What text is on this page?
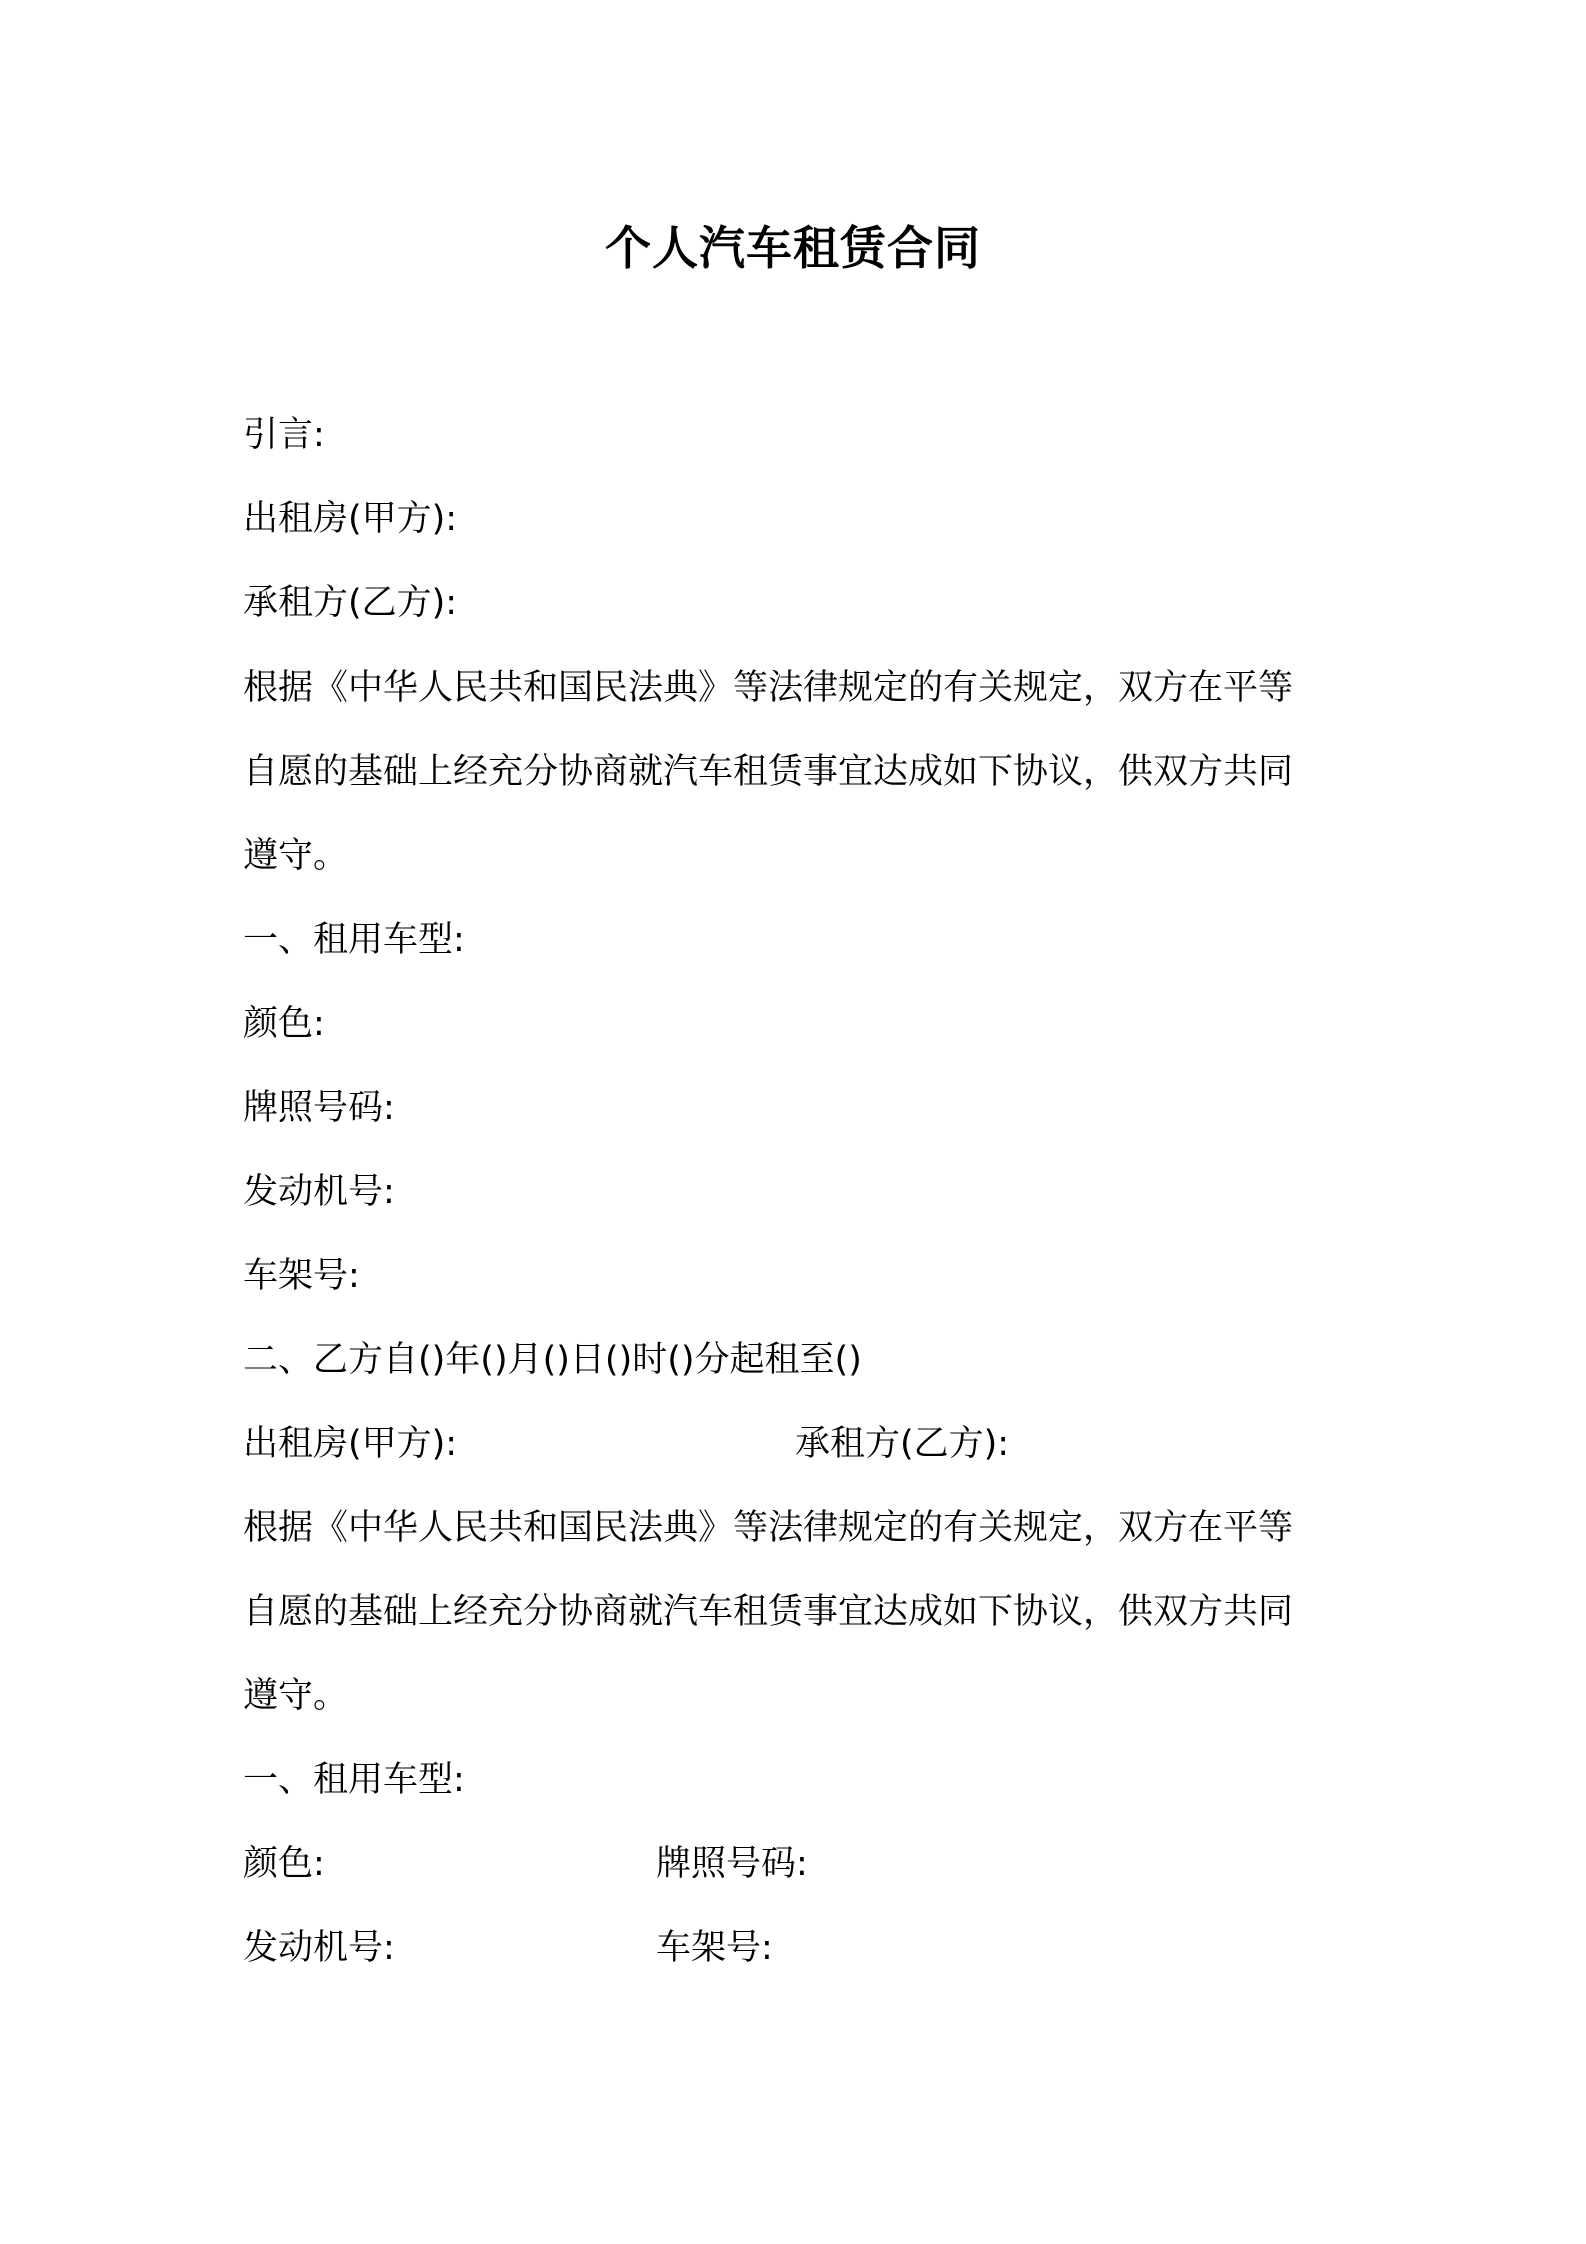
个人汽车租赁合同
引言:
出租房(甲方):
承租方(乙方):
根据《中华人民共和国民法典》等法律规定的有关规定，双方在平等
自愿的基础上经充分协商就汽车租赁事宜达成如下协议，供双方共同
遵守。
一、租用车型:
颜色:
牌照号码:
发动机号:
车架号:
二、乙方自()年()月()日()时()分起租至()
出租房(甲方):	承租方(乙方):
根据《中华人民共和国民法典》等法律规定的有关规定，双方在平等
自愿的基础上经充分协商就汽车租赁事宜达成如下协议，供双方共同
遵守。
一、租用车型:
颜色:	牌照号码:
发动机号:	车架号:
